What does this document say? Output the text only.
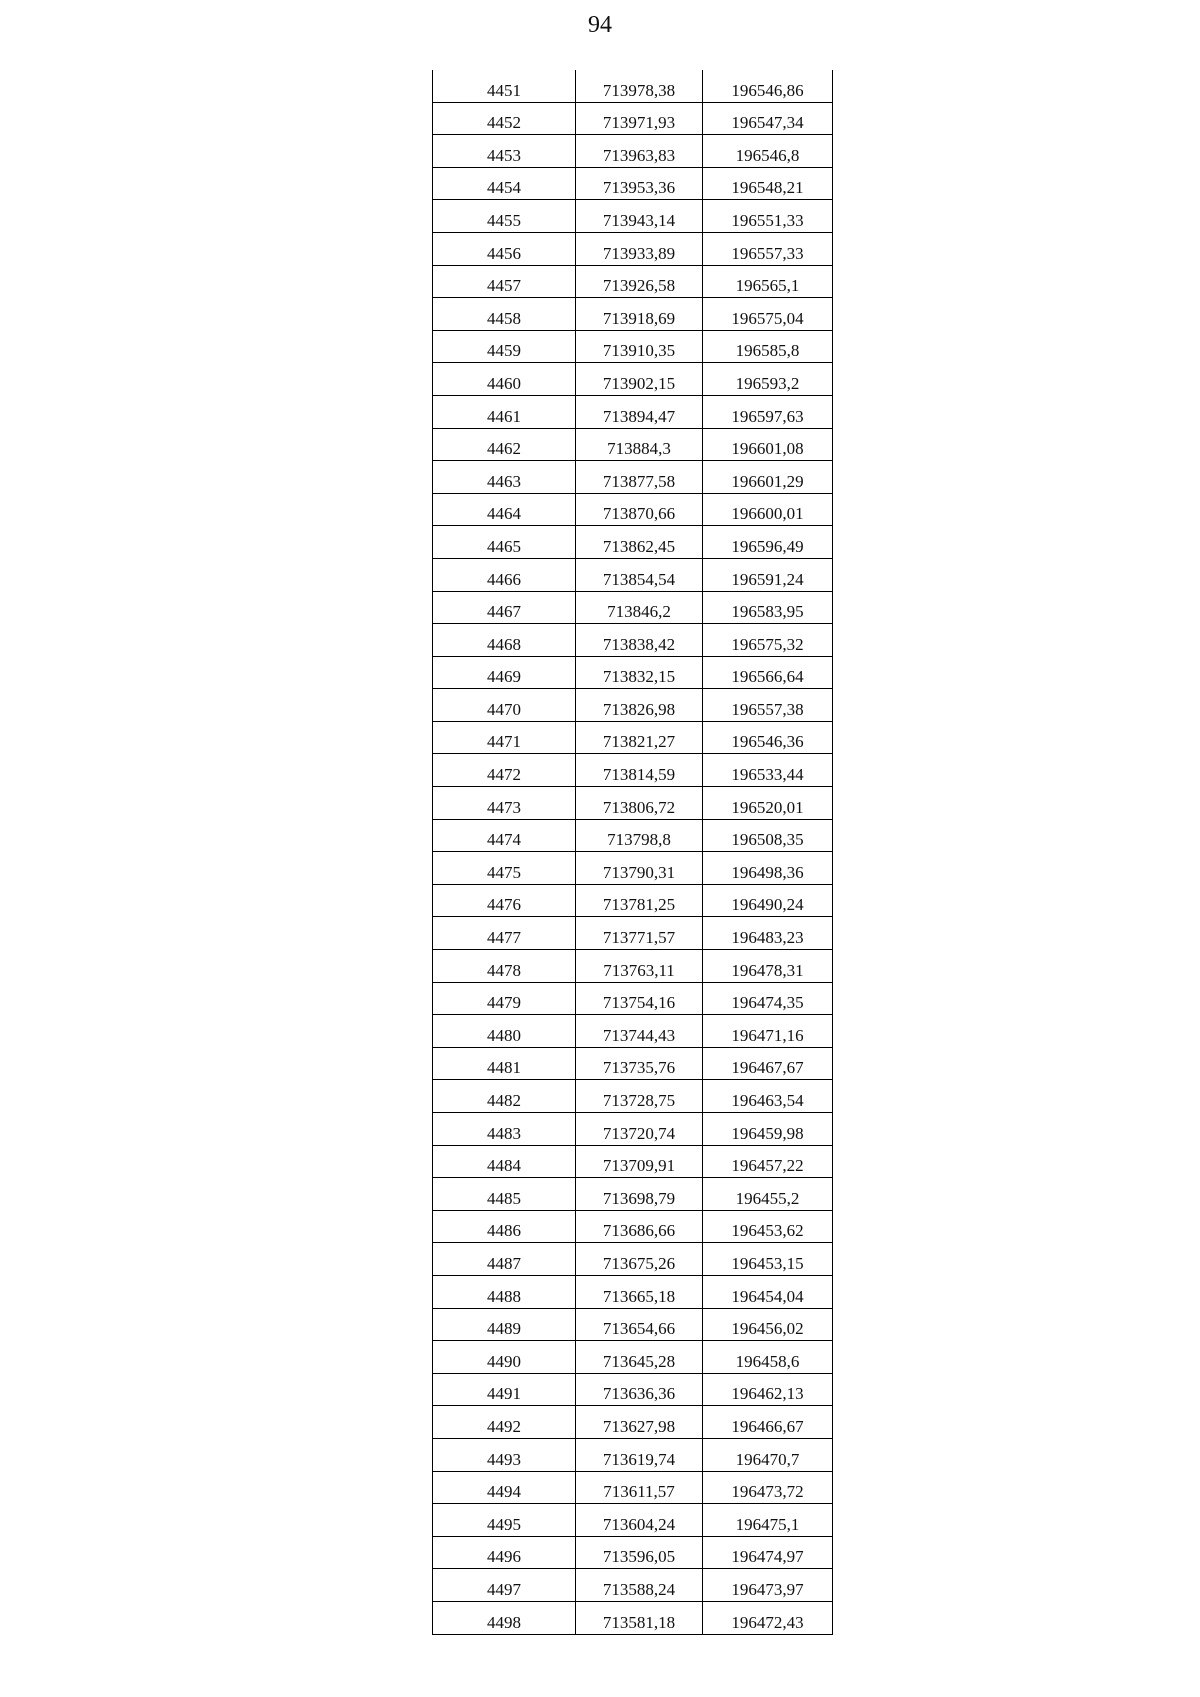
94
4451	713978,38	196546,86
4452	713971,93	196547,34
4453	713963,83	196546,8
4454	713953,36	196548,21
4455	713943,14	196551,33
4456	713933,89	196557,33
4457	713926,58	196565,1
4458	713918,69	196575,04
4459	713910,35	196585,8
4460	713902,15	196593,2
4461	713894,47	196597,63
4462	713884,3	196601,08
4463	713877,58	196601,29
4464	713870,66	196600,01
4465	713862,45	196596,49
4466	713854,54	196591,24
4467	713846,2	196583,95
4468	713838,42	196575,32
4469	713832,15	196566,64
4470	713826,98	196557,38
4471	713821,27	196546,36
4472	713814,59	196533,44
4473	713806,72	196520,01
4474	713798,8	196508,35
4475	713790,31	196498,36
4476	713781,25	196490,24
4477	713771,57	196483,23
4478	713763,11	196478,31
4479	713754,16	196474,35
4480	713744,43	196471,16
4481	713735,76	196467,67
4482	713728,75	196463,54
4483	713720,74	196459,98
4484	713709,91	196457,22
4485	713698,79	196455,2
4486	713686,66	196453,62
4487	713675,26	196453,15
4488	713665,18	196454,04
4489	713654,66	196456,02
4490	713645,28	196458,6
4491	713636,36	196462,13
4492	713627,98	196466,67
4493	713619,74	196470,7
4494	713611,57	196473,72
4495	713604,24	196475,1
4496	713596,05	196474,97
4497	713588,24	196473,97
4498	713581,18	196472,43
